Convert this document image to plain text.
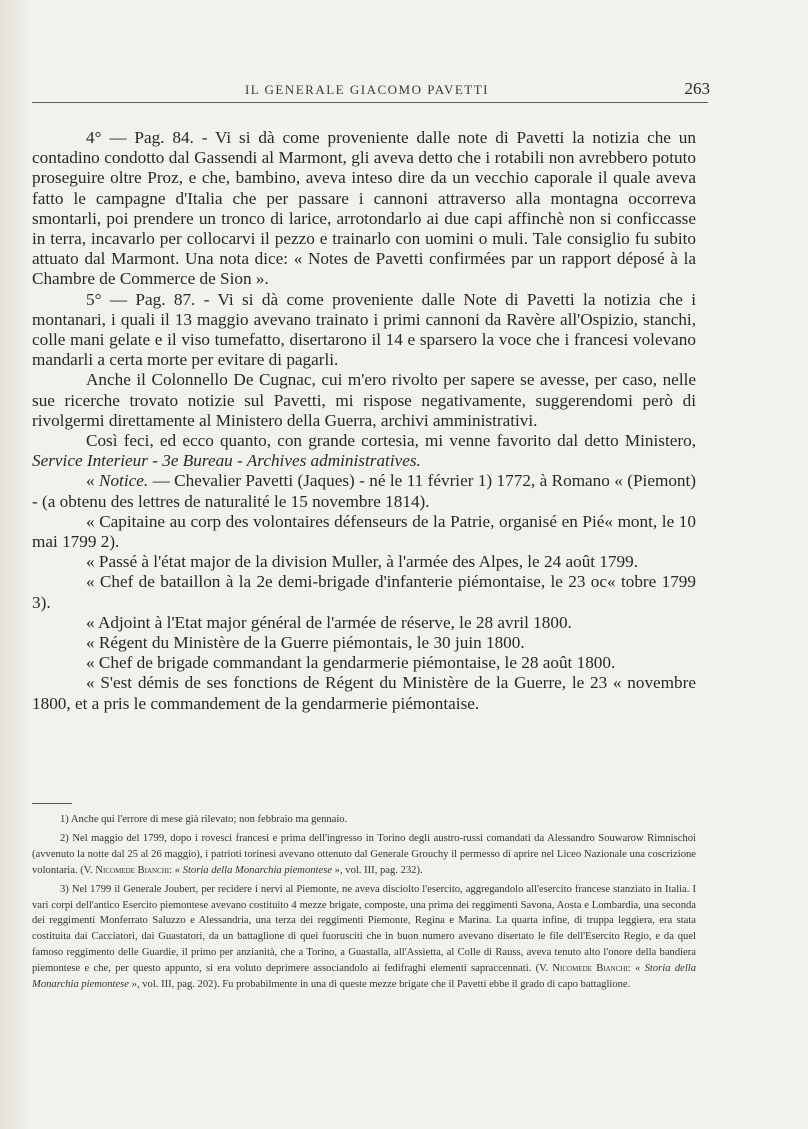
IL GENERALE GIACOMO PAVETTI	263

4° — Pag. 84. - Vi si dà come proveniente dalle note di Pavetti la notizia che un contadino condotto dal Gassendi al Marmont, gli aveva detto che i rotabili non avrebbero potuto proseguire oltre Proz, e che, bambino, aveva inteso dire da un vecchio caporale il quale aveva fatto le campagne d'Italia che per passare i cannoni attraverso alla montagna occorreva smontarli, poi prendere un tronco di larice, arrotondarlo ai due capi affinchè non si conficcasse in terra, incavarlo per collocarvi il pezzo e trainarlo con uomini o muli. Tale consiglio fu subito attuato dal Marmont. Una nota dice: « Notes de Pavetti confirmées par un rapport déposé à la Chambre de Commerce de Sion ».

5° — Pag. 87. - Vi si dà come proveniente dalle Note di Pavetti la notizia che i montanari, i quali il 13 maggio avevano trainato i primi cannoni da Ravère all'Ospizio, stanchi, colle mani gelate e il viso tumefatto, disertarono il 14 e sparsero la voce che i francesi volevano mandarli a certa morte per evitare di pagarli.

Anche il Colonnello De Cugnac, cui m'ero rivolto per sapere se avesse, per caso, nelle sue ricerche trovato notizie sul Pavetti, mi rispose negativamente, suggerendomi però di rivolgermi direttamente al Ministero della Guerra, archivi amministrativi.

Così feci, ed ecco quanto, con grande cortesia, mi venne favorito dal detto Ministero, Service Interieur - 3e Bureau - Archives administratives.

« Notice. — Chevalier Pavetti (Jaques) - né le 11 février 1) 1772, à Romano « (Piemont) - (a obtenu des lettres de naturalité le 15 novembre 1814).

« Capitaine au corp des volontaires défenseurs de la Patrie, organisé en Pié« mont, le 10 mai 1799 2).

« Passé à l'état major de la division Muller, à l'armée des Alpes, le 24 août 1799.

« Chef de bataillon à la 2e demi-brigade d'infanterie piémontaise, le 23 oc« tobre 1799 3).

« Adjoint à l'Etat major général de l'armée de réserve, le 28 avril 1800.

« Régent du Ministère de la Guerre piémontais, le 30 juin 1800.

« Chef de brigade commandant la gendarmerie piémontaise, le 28 août 1800.

« S'est démis de ses fonctions de Régent du Ministère de la Guerre, le 23 « novembre 1800, et a pris le commandement de la gendarmerie piémontaise.

1) Anche qui l'errore di mese già rilevato; non febbraio ma gennaio.

2) Nel maggio del 1799, dopo i rovesci francesi e prima dell'ingresso in Torino degli austro-russi comandati da Alessandro Souwarow Rimnischoi (avvenuto la notte dal 25 al 26 maggio), i patrioti torinesi avevano ottenuto dal Generale Grouchy il permesso di aprire nel Liceo Nazionale una coscrizione volontaria. (V. Nicomede Bianchi: « Storia della Monarchia piemontese », vol. III, pag. 232).

3) Nel 1799 il Generale Joubert, per recidere i nervi al Piemonte, ne aveva disciolto l'esercito, aggregandolo all'esercito francese stanziato in Italia. I vari corpi dell'antico Esercito piemontese avevano costituito 4 mezze brigate, composte, una prima dei reggimenti Savona, Aosta e Lombardia, una seconda dei reggimenti Monferrato Saluzzo e Alessandria, una terza dei reggimenti Piemonte, Regina e Marina. La quarta infine, di truppa leggiera, era stata costituita dai Cacciatori, dai Guastatori, da un battaglione di quei fuorusciti che in buon numero avevano disertato le file dell'Esercito Regio, e da quel famoso reggimento delle Guardie, il primo per anzianità, che a Torino, a Guastalla, all'Assietta, al Colle di Rauss, aveva tenuto alto l'onore della bandiera piemontese e che, per questo appunto, si era voluto deprimere associandolo ai fedifraghi elementi sapraccennati. (V. Nicomede Bianchi: « Storia della Monarchia piemontese », vol. III, pag. 202). Fu probabilmente in una di queste mezze brigate che il Pavetti ebbe il grado di capo battaglione.
